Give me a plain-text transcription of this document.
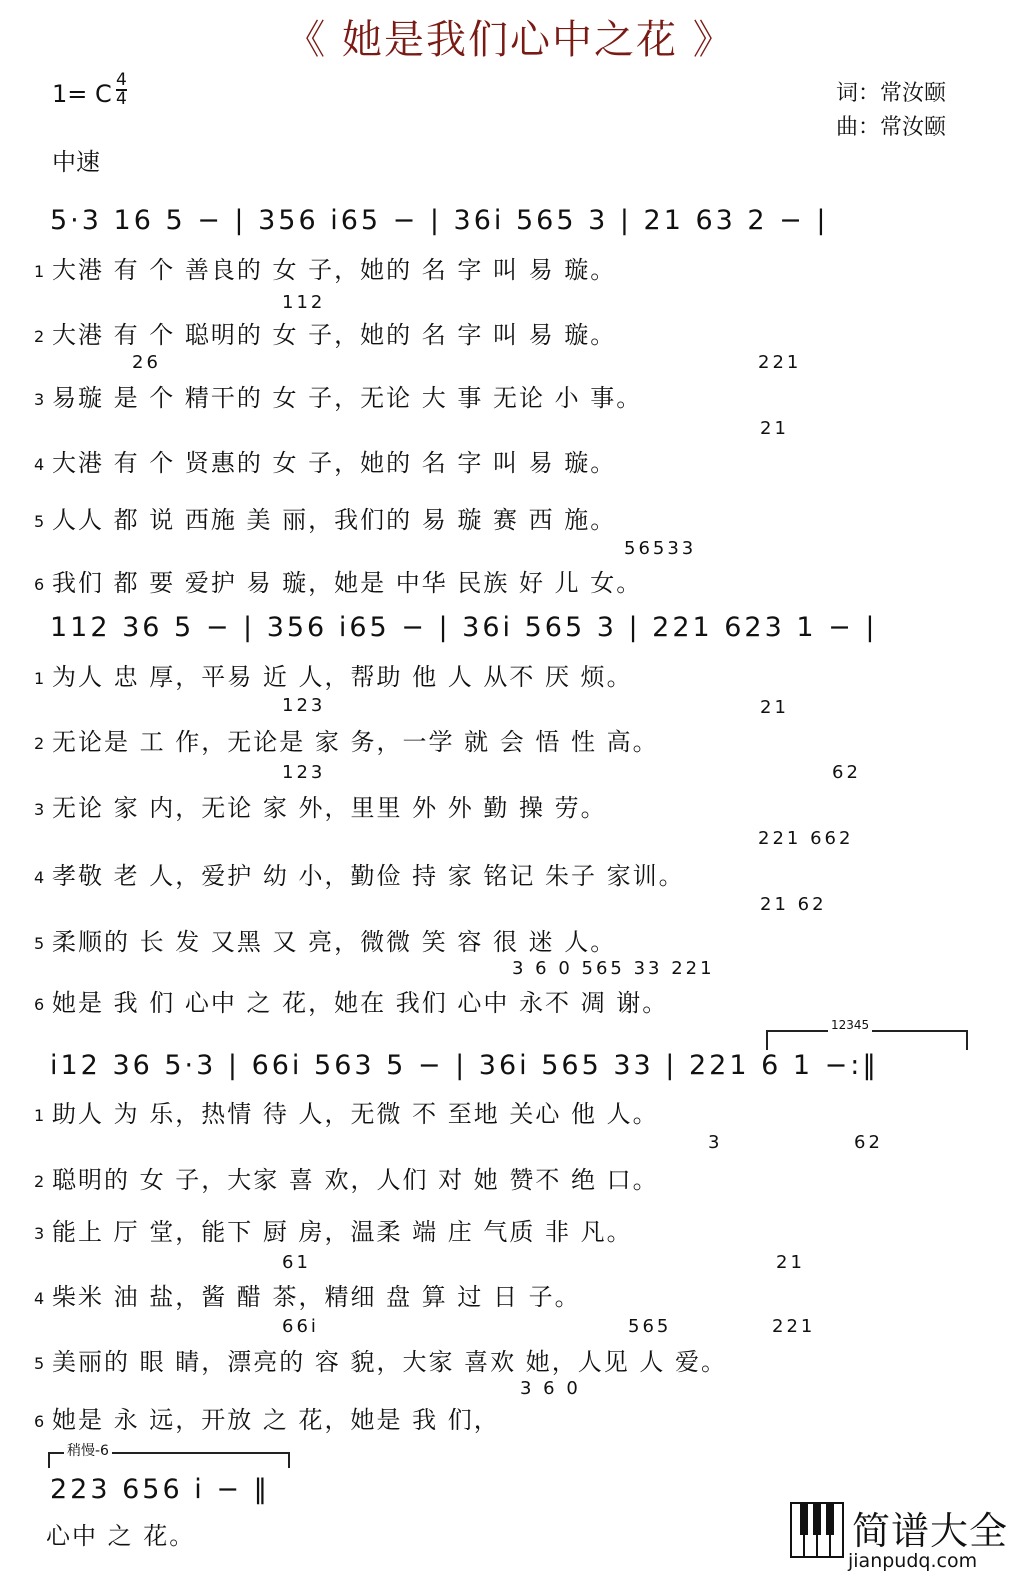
《 她是我们心中之花 》
1= C 4
4
中速
词：常汝颐
曲：常汝颐
5·3 16 5 − | 356 i65 − | 36i 565 3 | 21 63 2 − |
1 大港 有 个 善良的 女 子，她的 名 字 叫 易 璇。
112
2 大港 有 个 聪明的 女 子，她的 名 字 叫 易 璇。
26	221
3 易璇 是 个 精干的 女 子，无论 大 事 无论 小 事。
21
4 大港 有 个 贤惠的 女 子，她的 名 字 叫 易 璇。
5 人人 都 说 西施 美 丽，我们的 易 璇 赛 西 施。
56533
6 我们 都 要 爱护 易 璇，她是 中华 民族 好 儿 女。
112 36 5 − | 356 i65 − | 36i 565 3 | 221 623 1 − |
1 为人 忠 厚，平易 近 人，帮助 他 人 从不 厌 烦。
123	21
2 无论是 工 作，无论是 家 务，一学 就 会 悟 性 高。
123	62
3 无论 家 内，无论 家 外，里里 外 外 勤 操 劳。
221 662
4 孝敬 老 人，爱护 幼 小，勤俭 持 家 铭记 朱子 家训。
21 62
5 柔顺的 长 发 又黑 又 亮，微微 笑 容 很 迷 人。
3 6 0 565 33 221
6 她是 我 们 心中 之 花，她在 我们 心中 永不 凋 谢。
12345
i12 36 5·3 | 66i 563 5 − | 36i 565 33 | 221 6 1 −:‖
1 助人 为 乐，热情 待 人，无微 不 至地 关心 他 人。
3	62
2 聪明的 女 子，大家 喜 欢，人们 对 她 赞不 绝 口。
3 能上 厅 堂，能下 厨 房，温柔 端 庄 气质 非 凡。
61	21
4 柴米 油 盐，酱 醋 茶，精细 盘 算 过 日 子。
66i	565	221
5 美丽的 眼 睛，漂亮的 容 貌，大家 喜欢 她，人见 人 爱。
3 6 0
6 她是 永 远，开放 之 花，她是 我 们，
稍慢-6
223 656 i − ‖
心中 之 花。	简谱大全
jianpudq.com
